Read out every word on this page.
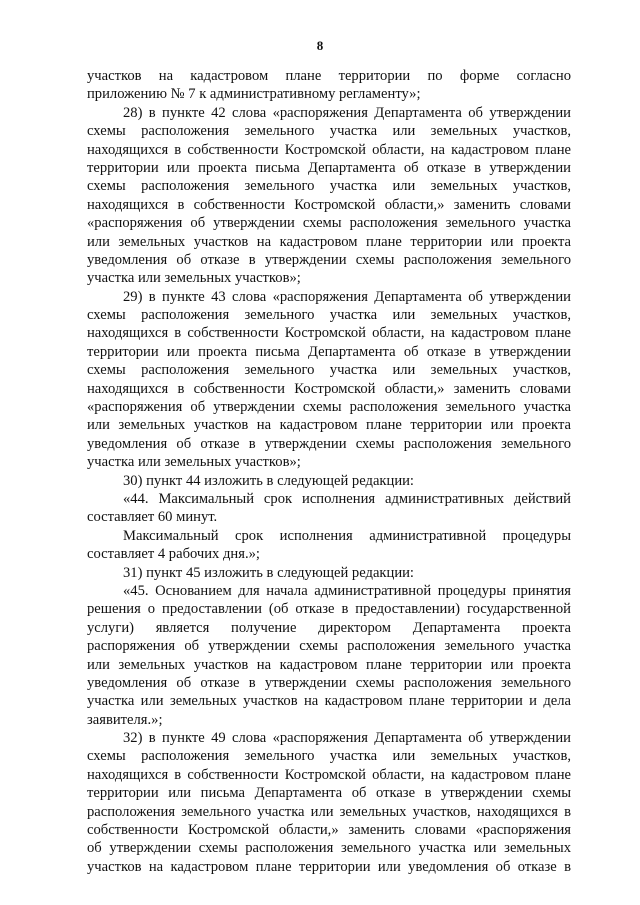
8
участков на кадастровом плане территории по форме согласно
приложению № 7 к административному регламенту»;
28) в пункте 42 слова «распоряжения Департамента об утверждении
схемы расположения земельного участка или земельных участков,
находящихся в собственности Костромской области, на кадастровом плане
территории или проекта письма Департамента об отказе в утверждении
схемы расположения земельного участка или земельных участков,
находящихся в собственности Костромской области,» заменить словами
«распоряжения об утверждении схемы расположения земельного участка
или земельных участков на кадастровом плане территории или проекта
уведомления об отказе в утверждении схемы расположения земельного
участка или земельных участков»;
29) в пункте 43 слова «распоряжения Департамента об утверждении
схемы расположения земельного участка или земельных участков,
находящихся в собственности Костромской области, на кадастровом плане
территории или проекта письма Департамента об отказе в утверждении
схемы расположения земельного участка или земельных участков,
находящихся в собственности Костромской области,» заменить словами
«распоряжения об утверждении схемы расположения земельного участка
или земельных участков на кадастровом плане территории или проекта
уведомления об отказе в утверждении схемы расположения земельного
участка или земельных участков»;
30) пункт 44 изложить в следующей редакции:
«44. Максимальный срок исполнения административных действий
составляет 60 минут.
Максимальный срок исполнения административной процедуры
составляет 4 рабочих дня.»;
31) пункт 45 изложить в следующей редакции:
«45. Основанием для начала административной процедуры принятия
решения о предоставлении (об отказе в предоставлении) государственной
услуги) является получение директором Департамента проекта
распоряжения об утверждении схемы расположения земельного участка
или земельных участков на кадастровом плане территории или проекта
уведомления об отказе в утверждении схемы расположения земельного
участка или земельных участков на кадастровом плане территории и дела
заявителя.»;
32) в пункте 49 слова «распоряжения Департамента об утверждении
схемы расположения земельного участка или земельных участков,
находящихся в собственности Костромской области, на кадастровом плане
территории или письма Департамента об отказе в утверждении схемы
расположения земельного участка или земельных участков, находящихся в
собственности Костромской области,» заменить словами «распоряжения
об утверждении схемы расположения земельного участка или земельных
участков на кадастровом плане территории или уведомления об отказе в
